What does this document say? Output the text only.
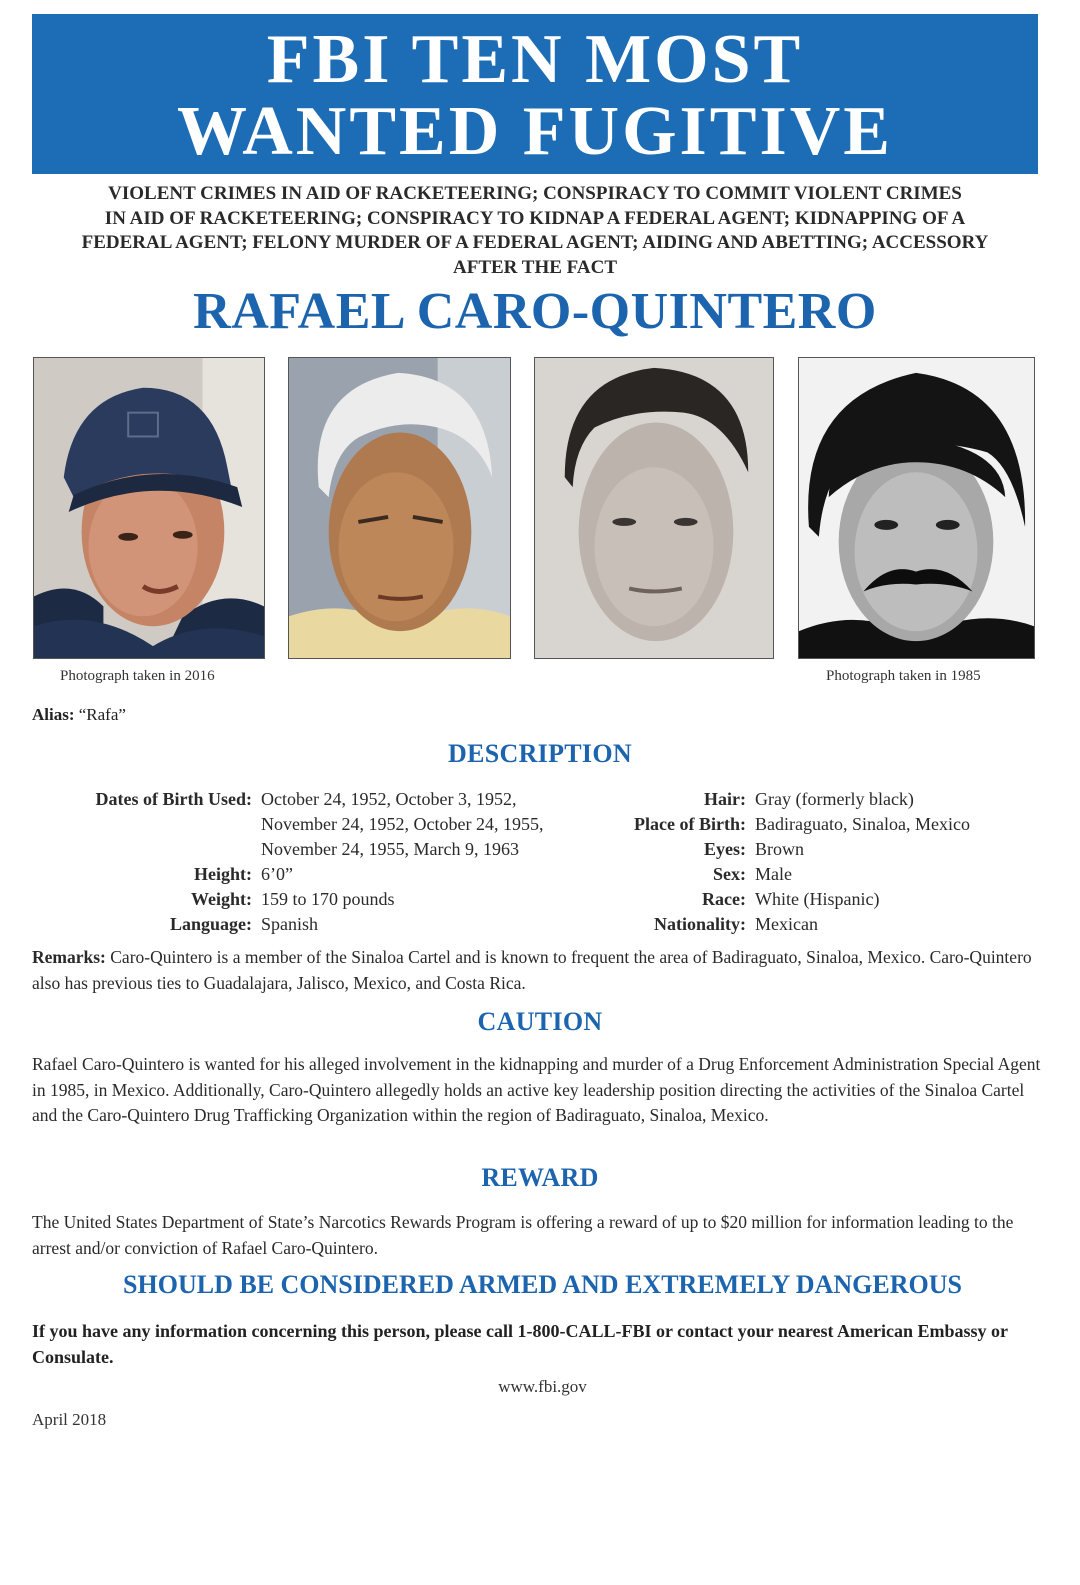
FBI TEN MOST
WANTED FUGITIVE
VIOLENT CRIMES IN AID OF RACKETEERING; CONSPIRACY TO COMMIT VIOLENT CRIMES
IN AID OF RACKETEERING; CONSPIRACY TO KIDNAP A FEDERAL AGENT; KIDNAPPING OF A
FEDERAL AGENT; FELONY MURDER OF A FEDERAL AGENT; AIDING AND ABETTING; ACCESSORY
AFTER THE FACT
RAFAEL CARO-QUINTERO
Photograph taken in 2016	Photograph taken in 1985
Alias: “Rafa”
DESCRIPTION
Dates of Birth Used: October 24, 1952, October 3, 1952,
November 24, 1952, October 24, 1955,
November 24, 1955, March 9, 1963
Height: 6’0”
Weight: 159 to 170 pounds
Language: Spanish
Hair: Gray (formerly black)
Place of Birth: Badiraguato, Sinaloa, Mexico
Eyes: Brown
Sex: Male
Race: White (Hispanic)
Nationality: Mexican
Remarks: Caro-Quintero is a member of the Sinaloa Cartel and is known to frequent the area of Badiraguato, Sinaloa, Mexico. Caro-Quintero also has previous ties to Guadalajara, Jalisco, Mexico, and Costa Rica.
CAUTION
Rafael Caro-Quintero is wanted for his alleged involvement in the kidnapping and murder of a Drug Enforcement Administration Special Agent in 1985, in Mexico. Additionally, Caro-Quintero allegedly holds an active key leadership position directing the activities of the Sinaloa Cartel and the Caro-Quintero Drug Trafficking Organization within the region of Badiraguato, Sinaloa, Mexico.
REWARD
The United States Department of State’s Narcotics Rewards Program is offering a reward of up to $20 million for information leading to the arrest and/or conviction of Rafael Caro-Quintero.
SHOULD BE CONSIDERED ARMED AND EXTREMELY DANGEROUS
If you have any information concerning this person, please call 1-800-CALL-FBI or contact your nearest American Embassy or Consulate.
www.fbi.gov
April 2018
